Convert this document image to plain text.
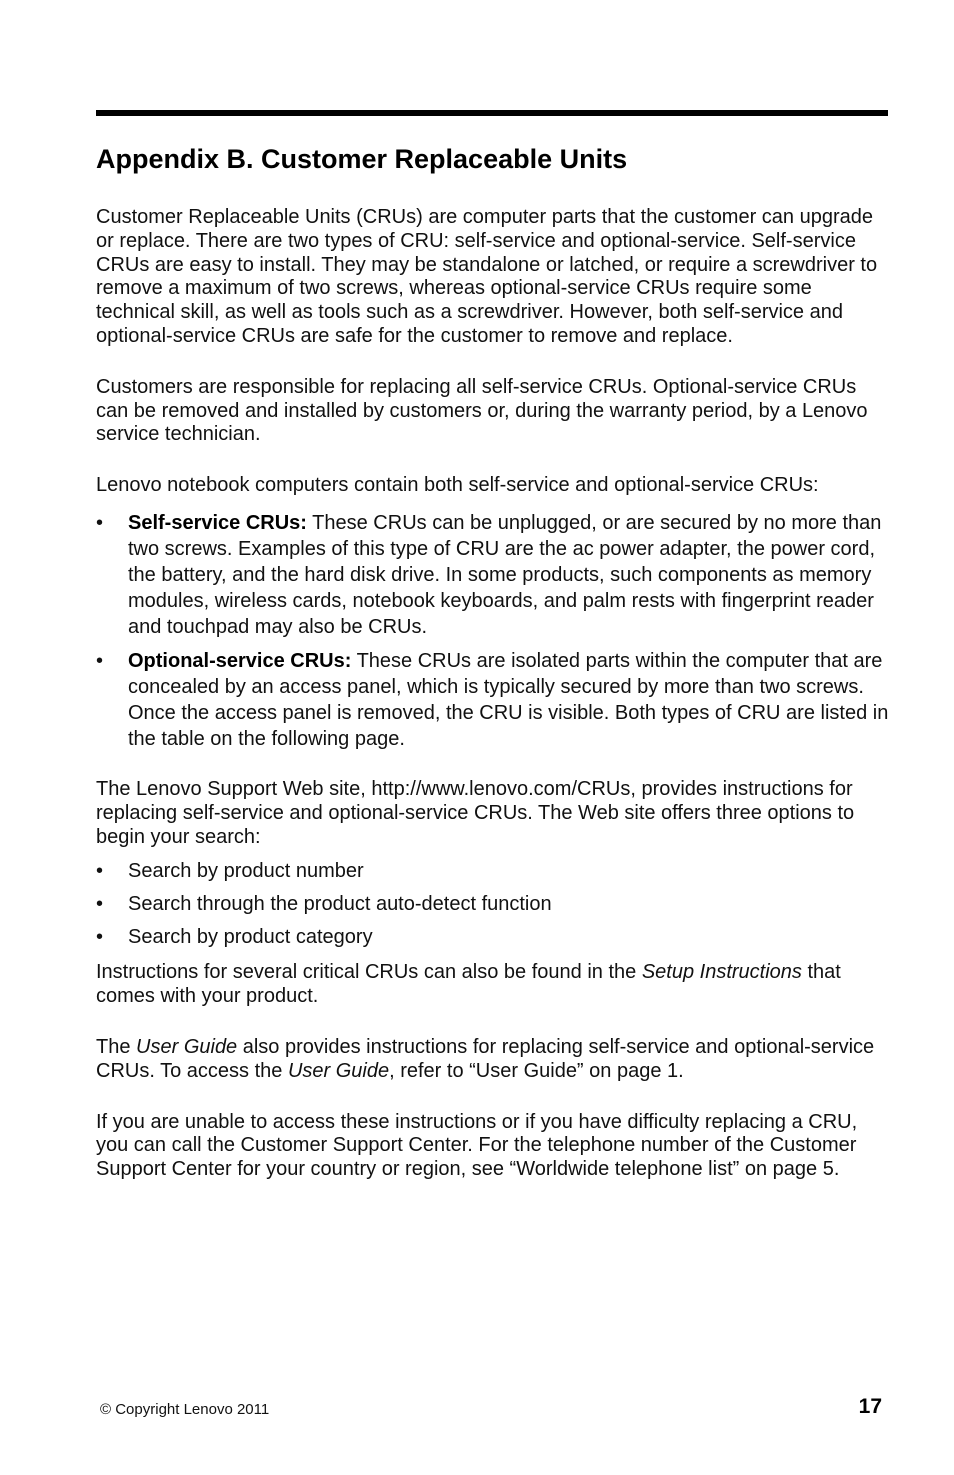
Appendix B. Customer Replaceable Units

Customer Replaceable Units (CRUs) are computer parts that the customer can upgrade or replace. There are two types of CRU: self-service and optional-service. Self-service CRUs are easy to install. They may be standalone or latched, or require a screwdriver to remove a maximum of two screws, whereas optional-service CRUs require some technical skill, as well as tools such as a screwdriver. However, both self-service and optional-service CRUs are safe for the customer to remove and replace.

Customers are responsible for replacing all self-service CRUs. Optional-service CRUs can be removed and installed by customers or, during the warranty period, by a Lenovo service technician.

Lenovo notebook computers contain both self-service and optional-service CRUs:

• Self-service CRUs: These CRUs can be unplugged, or are secured by no more than two screws. Examples of this type of CRU are the ac power adapter, the power cord, the battery, and the hard disk drive. In some products, such components as memory modules, wireless cards, notebook keyboards, and palm rests with fingerprint reader and touchpad may also be CRUs.
• Optional-service CRUs: These CRUs are isolated parts within the computer that are concealed by an access panel, which is typically secured by more than two screws. Once the access panel is removed, the CRU is visible. Both types of CRU are listed in the table on the following page.

The Lenovo Support Web site, http://www.lenovo.com/CRUs, provides instructions for replacing self-service and optional-service CRUs. The Web site offers three options to begin your search:

• Search by product number
• Search through the product auto-detect function
• Search by product category

Instructions for several critical CRUs can also be found in the Setup Instructions that comes with your product.

The User Guide also provides instructions for replacing self-service and optional-service CRUs. To access the User Guide, refer to “User Guide” on page 1.

If you are unable to access these instructions or if you have difficulty replacing a CRU, you can call the Customer Support Center. For the telephone number of the Customer Support Center for your country or region, see “Worldwide telephone list” on page 5.

© Copyright Lenovo 2011	17
